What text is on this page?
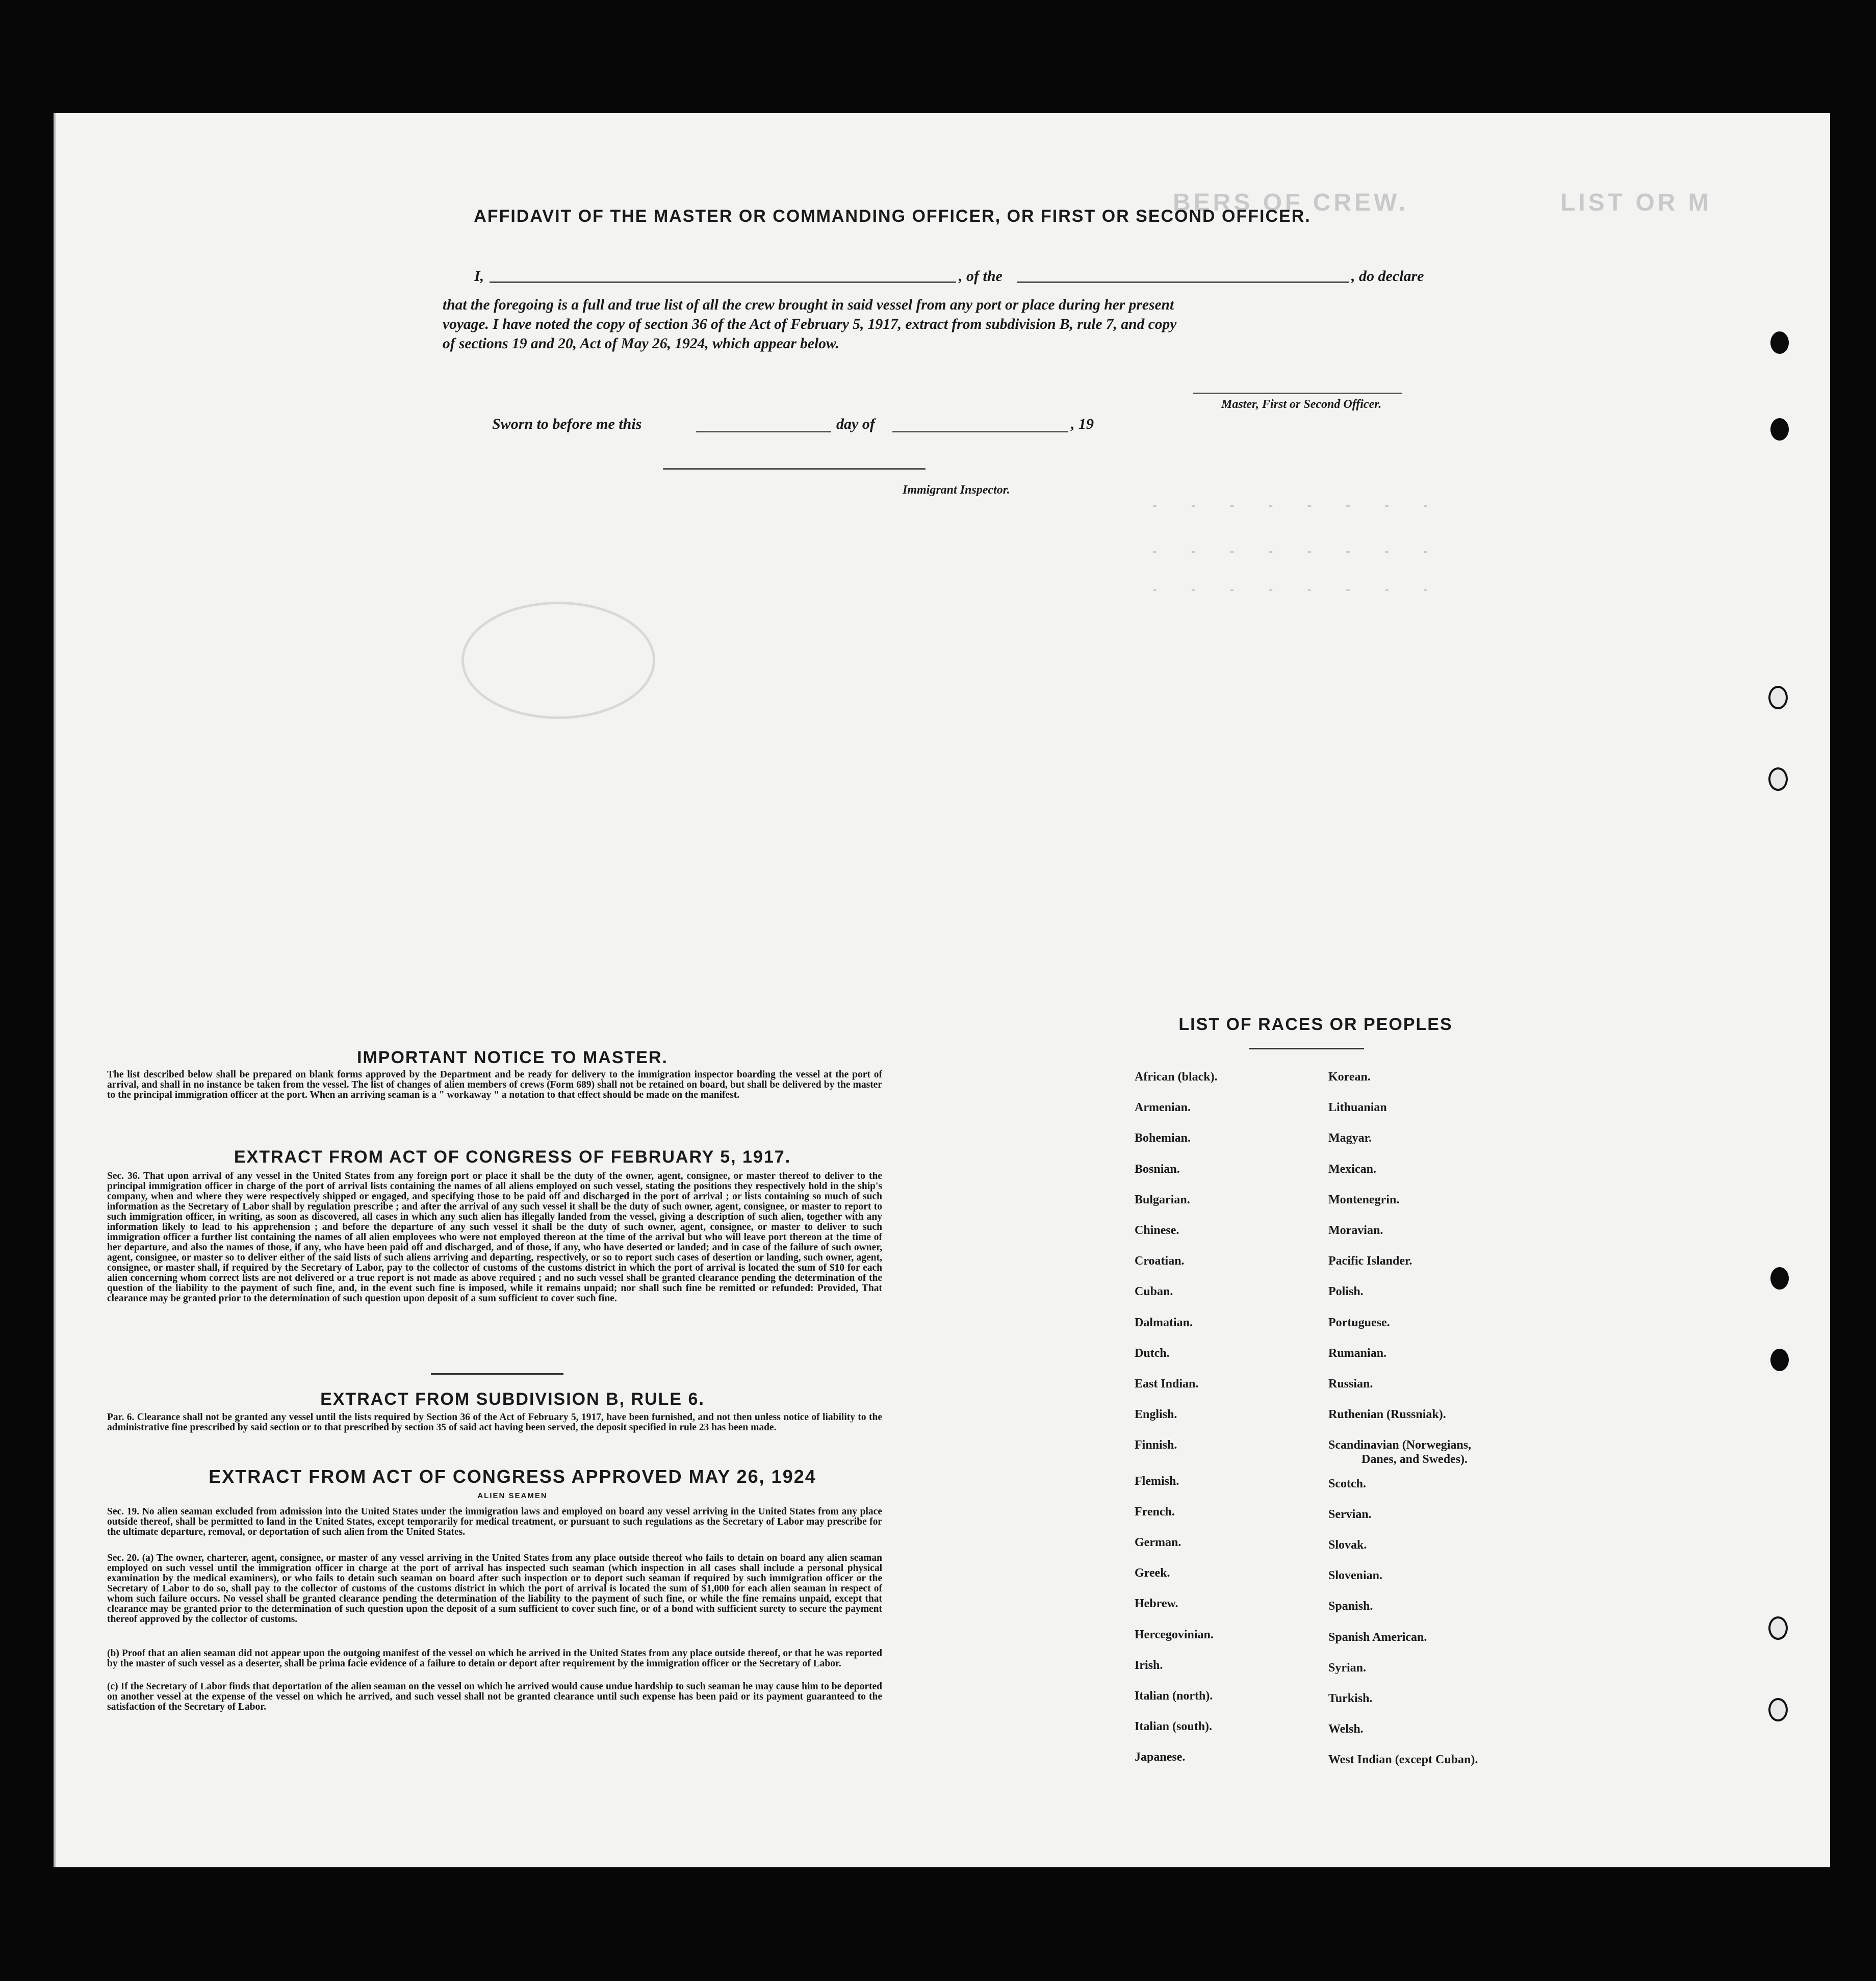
BERS OF CREW.	LIST OR M
- - - - - - - -
- - - - - - - -
- - - - - - - -
AFFIDAVIT OF THE MASTER OR COMMANDING OFFICER, OR FIRST OR SECOND OFFICER.
I,	, of the	, do declare
that the foregoing is a full and true list of all the crew brought in said vessel from any port or place during her present
voyage. I have noted the copy of section 36 of the Act of February 5, 1917, extract from subdivision B, rule 7, and copy
of sections 19 and 20, Act of May 26, 1924, which appear below.
Master, First or Second Officer.
Sworn to before me this	day of	, 19
Immigrant Inspector.
IMPORTANT NOTICE TO MASTER.
The list described below shall be prepared on blank forms approved by the Department and be ready for delivery to the immigration inspector boarding the vessel at the port of arrival, and shall in no instance be taken from the vessel. The list of changes of alien members of crews (Form 689) shall not be retained on board, but shall be delivered by the master to the principal immigration officer at the port. When an arriving seaman is a " workaway " a notation to that effect should be made on the manifest.
EXTRACT FROM ACT OF CONGRESS OF FEBRUARY 5, 1917.
Sec. 36. That upon arrival of any vessel in the United States from any foreign port or place it shall be the duty of the owner, agent, consignee, or master thereof to deliver to the principal immigration officer in charge of the port of arrival lists containing the names of all aliens employed on such vessel, stating the positions they respectively hold in the ship's company, when and where they were respectively shipped or engaged, and specifying those to be paid off and discharged in the port of arrival ; or lists containing so much of such information as the Secretary of Labor shall by regulation prescribe ; and after the arrival of any such vessel it shall be the duty of such owner, agent, consignee, or master to report to such immigration officer, in writing, as soon as discovered, all cases in which any such alien has illegally landed from the vessel, giving a description of such alien, together with any information likely to lead to his apprehension ; and before the departure of any such vessel it shall be the duty of such owner, agent, consignee, or master to deliver to such immigration officer a further list containing the names of all alien employees who were not employed thereon at the time of the arrival but who will leave port thereon at the time of her departure, and also the names of those, if any, who have been paid off and discharged, and of those, if any, who have deserted or landed; and in case of the failure of such owner, agent, consignee, or master so to deliver either of the said lists of such aliens arriving and departing, respectively, or so to report such cases of desertion or landing, such owner, agent, consignee, or master shall, if required by the Secretary of Labor, pay to the collector of customs of the customs district in which the port of arrival is located the sum of $10 for each alien concerning whom correct lists are not delivered or a true report is not made as above required ; and no such vessel shall be granted clearance pending the determination of the question of the liability to the payment of such fine, and, in the event such fine is imposed, while it remains unpaid; nor shall such fine be remitted or refunded: Provided, That clearance may be granted prior to the determination of such question upon deposit of a sum sufficient to cover such fine.
EXTRACT FROM SUBDIVISION B, RULE 6.
Par. 6. Clearance shall not be granted any vessel until the lists required by Section 36 of the Act of February 5, 1917, have been furnished, and not then unless notice of liability to the administrative fine prescribed by said section or to that prescribed by section 35 of said act having been served, the deposit specified in rule 23 has been made.
EXTRACT FROM ACT OF CONGRESS APPROVED MAY 26, 1924
ALIEN SEAMEN
Sec. 19. No alien seaman excluded from admission into the United States under the immigration laws and employed on board any vessel arriving in the United States from any place outside thereof, shall be permitted to land in the United States, except temporarily for medical treatment, or pursuant to such regulations as the Secretary of Labor may prescribe for the ultimate departure, removal, or deportation of such alien from the United States.
Sec. 20. (a) The owner, charterer, agent, consignee, or master of any vessel arriving in the United States from any place outside thereof who fails to detain on board any alien seaman employed on such vessel until the immigration officer in charge at the port of arrival has inspected such seaman (which inspection in all cases shall include a personal physical examination by the medical examiners), or who fails to detain such seaman on board after such inspection or to deport such seaman if required by such immigration officer or the Secretary of Labor to do so, shall pay to the collector of customs of the customs district in which the port of arrival is located the sum of $1,000 for each alien seaman in respect of whom such failure occurs. No vessel shall be granted clearance pending the determination of the liability to the payment of such fine, or while the fine remains unpaid, except that clearance may be granted prior to the determination of such question upon the deposit of a sum sufficient to cover such fine, or of a bond with sufficient surety to secure the payment thereof approved by the collector of customs.
(b) Proof that an alien seaman did not appear upon the outgoing manifest of the vessel on which he arrived in the United States from any place outside thereof, or that he was reported by the master of such vessel as a deserter, shall be prima facie evidence of a failure to detain or deport after requirement by the immigration officer or the Secretary of Labor.
(c) If the Secretary of Labor finds that deportation of the alien seaman on the vessel on which he arrived would cause undue hardship to such seaman he may cause him to be deported on another vessel at the expense of the vessel on which he arrived, and such vessel shall not be granted clearance until such expense has been paid or its payment guaranteed to the satisfaction of the Secretary of Labor.
LIST OF RACES OR PEOPLES
African (black).
Armenian.
Bohemian.
Bosnian.
Bulgarian.
Chinese.
Croatian.
Cuban.
Dalmatian.
Dutch.
East Indian.
English.
Finnish.
Flemish.
French.
German.
Greek.
Hebrew.
Hercegovinian.
Irish.
Italian (north).
Italian (south).
Japanese.
Korean.
Lithuanian
Magyar.
Mexican.
Montenegrin.
Moravian.
Pacific Islander.
Polish.
Portuguese.
Rumanian.
Russian.
Ruthenian (Russniak).
Scandinavian (Norwegians,
Scotch.
Servian.
Slovak.
Slovenian.
Spanish.
Spanish American.
Syrian.
Turkish.
Welsh.
West Indian (except Cuban).
Danes, and Swedes).
